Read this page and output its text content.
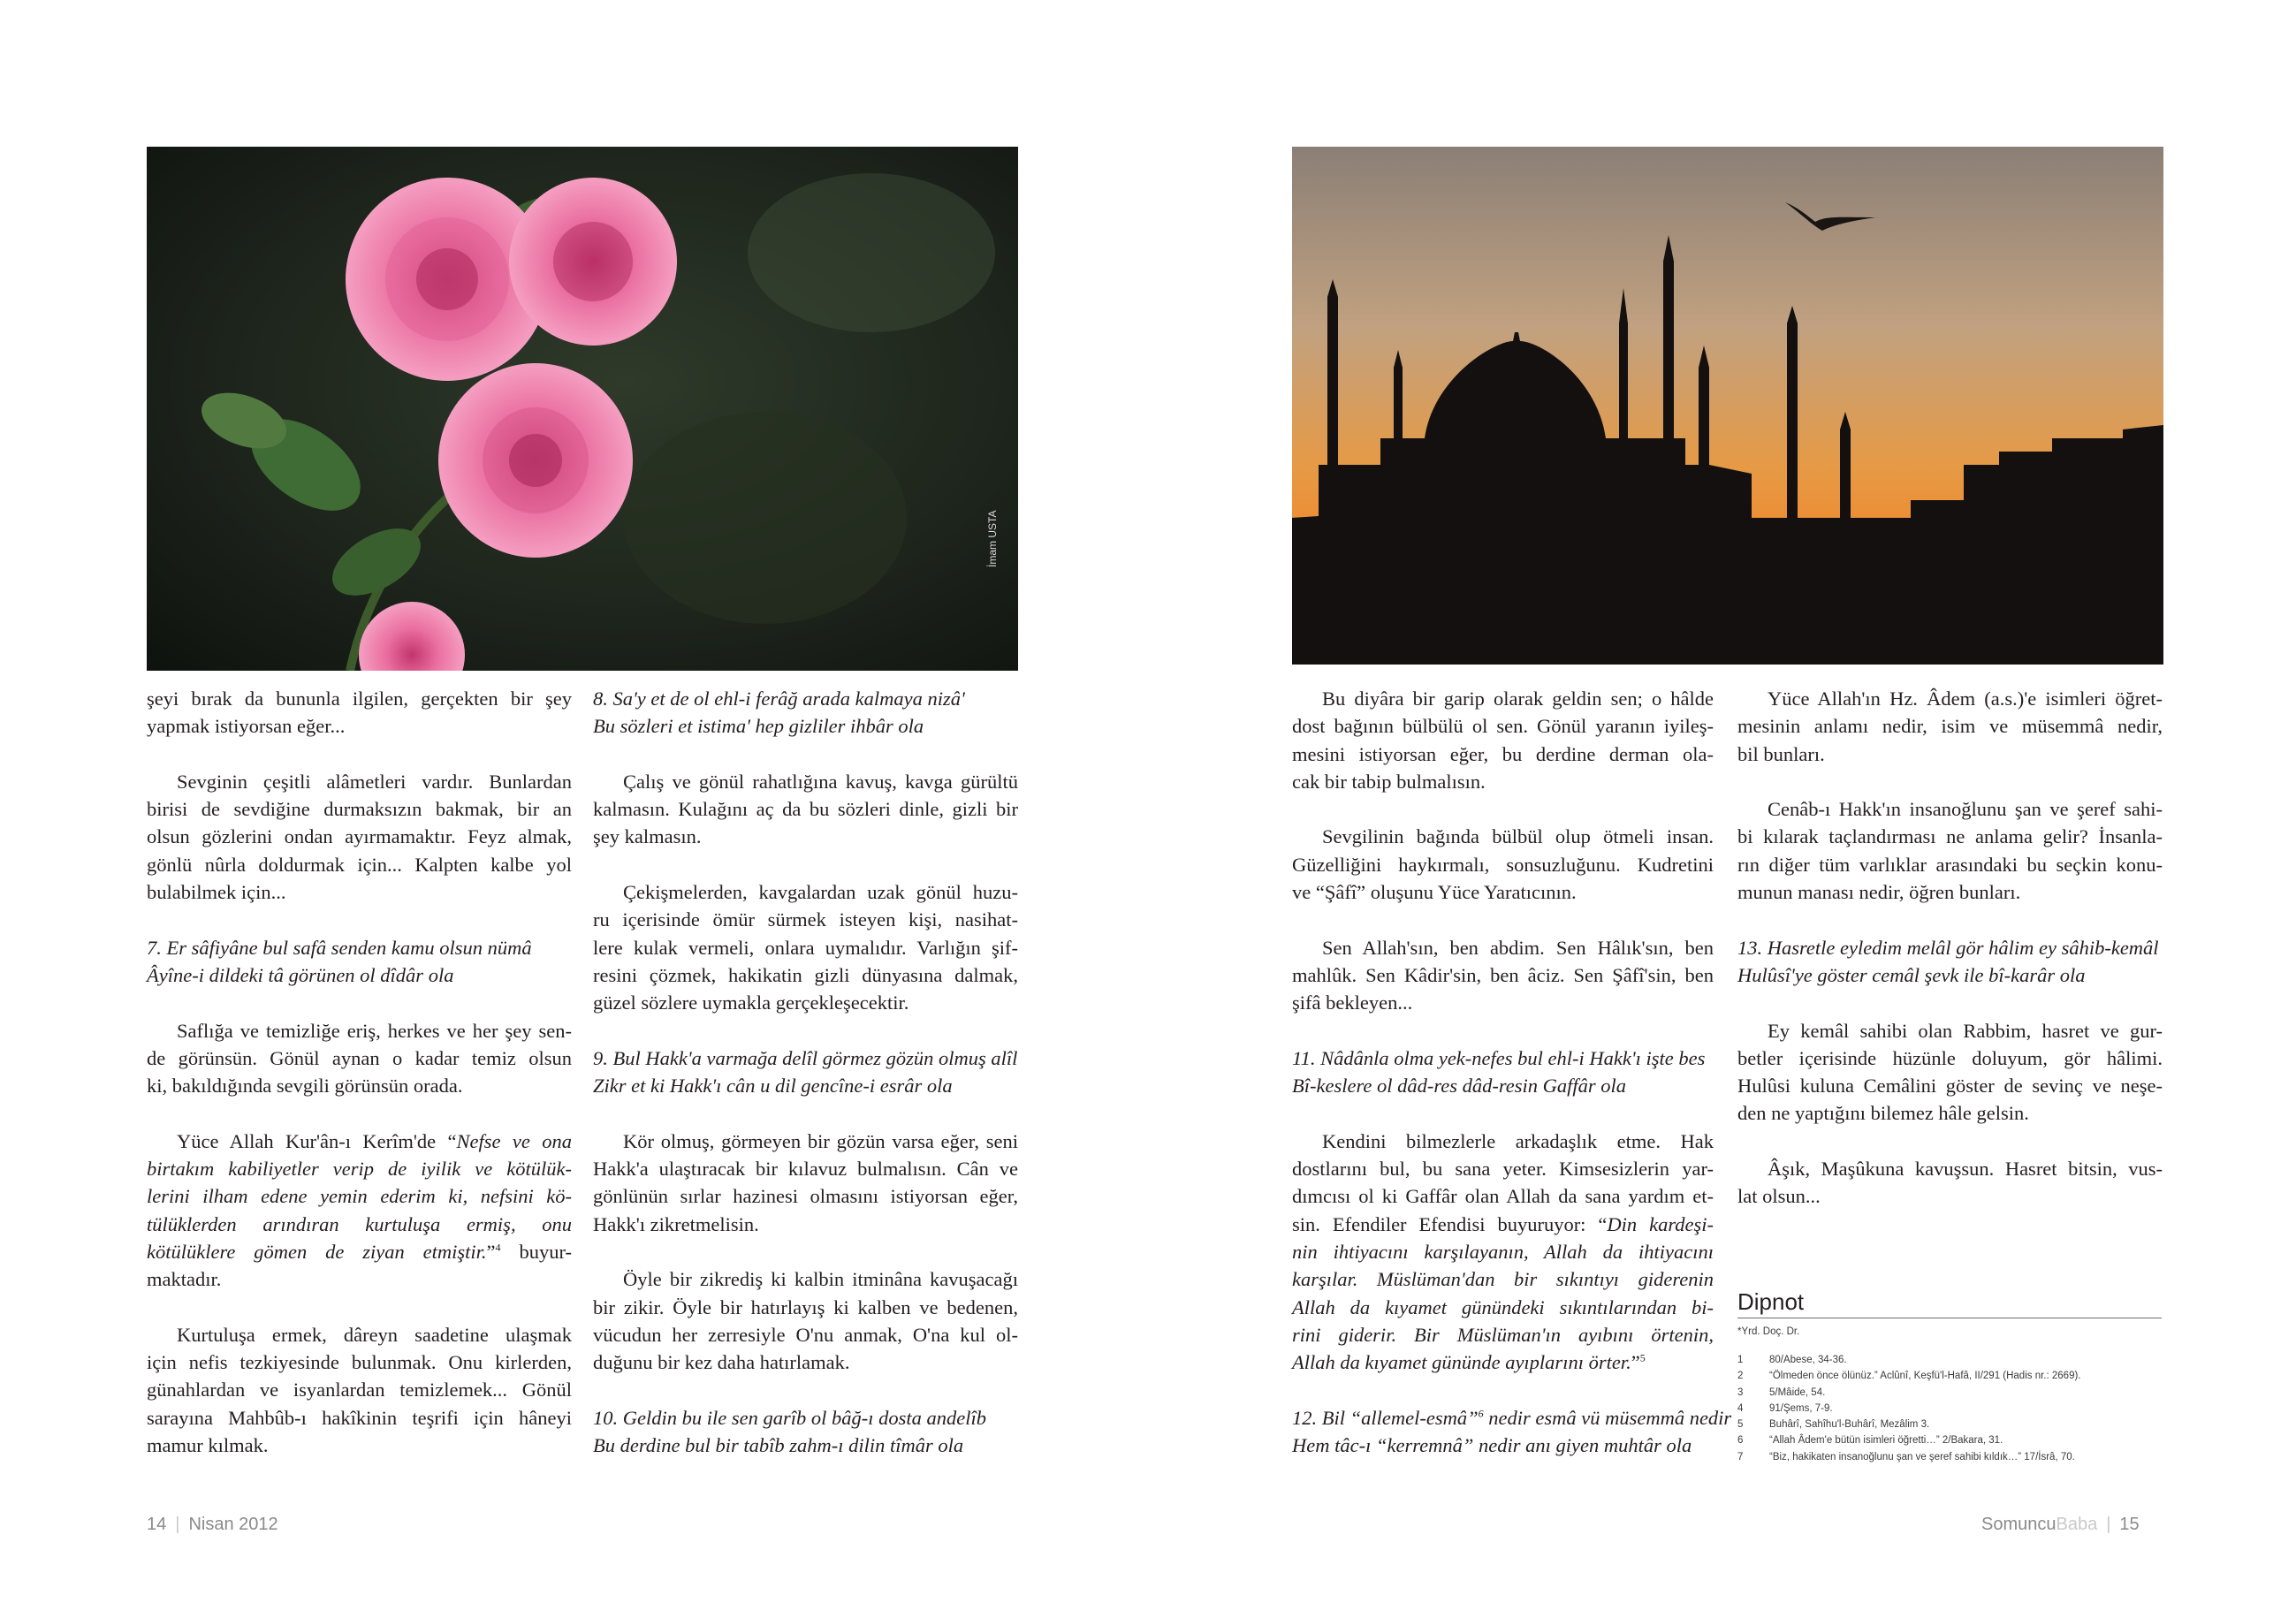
İmam USTA

şeyi bırak da bununla ilgilen, gerçekten bir şey
yapmak istiyorsan eğer...

Sevginin çeşitli alâmetleri vardır. Bunlardan
birisi de sevdiğine durmaksızın bakmak, bir an
olsun gözlerini ondan ayırmamaktır. Feyz almak,
gönlü nûrla doldurmak için... Kalpten kalbe yol
bulabilmek için...

7. Er sâfiyâne bul safâ senden kamu olsun nümâ
Âyîne-i dildeki tâ görünen ol dîdâr ola

Saflığa ve temizliğe eriş, herkes ve her şey sen-
de görünsün. Gönül aynan o kadar temiz olsun
ki, bakıldığında sevgili görünsün orada.

Yüce Allah Kur'ân-ı Kerîm'de “Nefse ve ona
birtakım kabiliyetler verip de iyilik ve kötülük-
lerini ilham edene yemin ederim ki, nefsini kö-
tülüklerden arındıran kurtuluşa ermiş, onu
kötülüklere gömen de ziyan etmiştir.”$^4$ buyur-
maktadır.

Kurtuluşa ermek, dâreyn saadetine ulaşmak
için nefis tezkiyesinde bulunmak. Onu kirlerden,
günahlardan ve isyanlardan temizlemek... Gönül
sarayına Mahbûb-ı hakîkinin teşrifi için hâneyi
mamur kılmak.

8. Sa'y et de ol ehl-i ferâğ arada kalmaya nizâ'
Bu sözleri et istima' hep gizliler ihbâr ola

Çalış ve gönül rahatlığına kavuş, kavga gürültü
kalmasın. Kulağını aç da bu sözleri dinle, gizli bir
şey kalmasın.

Çekişmelerden, kavgalardan uzak gönül huzu-
ru içerisinde ömür sürmek isteyen kişi, nasihat-
lere kulak vermeli, onlara uymalıdır. Varlığın şif-
resini çözmek, hakikatin gizli dünyasına dalmak,
güzel sözlere uymakla gerçekleşecektir.

9. Bul Hakk'a varmağa delîl görmez gözün olmuş alîl
Zikr et ki Hakk'ı cân u dil gencîne-i esrâr ola

Kör olmuş, görmeyen bir gözün varsa eğer, seni
Hakk'a ulaştıracak bir kılavuz bulmalısın. Cân ve
gönlünün sırlar hazinesi olmasını istiyorsan eğer,
Hakk'ı zikretmelisin.

Öyle bir zikrediş ki kalbin itminâna kavuşacağı
bir zikir. Öyle bir hatırlayış ki kalben ve bedenen,
vücudun her zerresiyle O'nu anmak, O'na kul ol-
duğunu bir kez daha hatırlamak.

10. Geldin bu ile sen garîb ol bâğ-ı dosta andelîb
Bu derdine bul bir tabîb zahm-ı dilin tîmâr ola

Bu diyâra bir garip olarak geldin sen; o hâlde
dost bağının bülbülü ol sen. Gönül yaranın iyileş-
mesini istiyorsan eğer, bu derdine derman ola-
cak bir tabip bulmalısın.

Sevgilinin bağında bülbül olup ötmeli insan.
Güzelliğini haykırmalı, sonsuzluğunu. Kudretini
ve “Şâfî” oluşunu Yüce Yaratıcının.

Sen Allah'sın, ben abdim. Sen Hâlık'sın, ben
mahlûk. Sen Kâdir'sin, ben âciz. Sen Şâfî'sin, ben
şifâ bekleyen...

11. Nâdânla olma yek-nefes bul ehl-i Hakk'ı işte bes
Bî-keslere ol dâd-res dâd-resin Gaffâr ola

Kendini bilmezlerle arkadaşlık etme. Hak
dostlarını bul, bu sana yeter. Kimsesizlerin yar-
dımcısı ol ki Gaffâr olan Allah da sana yardım et-
sin. Efendiler Efendisi buyuruyor: “Din kardeşi-
nin ihtiyacını karşılayanın, Allah da ihtiyacını
karşılar. Müslüman'dan bir sıkıntıyı giderenin
Allah da kıyamet günündeki sıkıntılarından bi-
rini giderir. Bir Müslüman'ın ayıbını örtenin,
Allah da kıyamet gününde ayıplarını örter.”$^5$

12. Bil “allemel-esmâ”$^6$ nedir esmâ vü müsemmâ nedir
Hem tâc-ı “kerremnâ” nedir anı giyen muhtâr ola

Yüce Allah'ın Hz. Âdem (a.s.)'e isimleri öğret-
mesinin anlamı nedir, isim ve müsemmâ nedir,
bil bunları.

Cenâb-ı Hakk'ın insanoğlunu şan ve şeref sahi-
bi kılarak taçlandırması ne anlama gelir? İnsanla-
rın diğer tüm varlıklar arasındaki bu seçkin konu-
munun manası nedir, öğren bunları.

13. Hasretle eyledim melâl gör hâlim ey sâhib-kemâl
Hulûsî'ye göster cemâl şevk ile bî-karâr ola

Ey kemâl sahibi olan Rabbim, hasret ve gur-
betler içerisinde hüzünle doluyum, gör hâlimi.
Hulûsi kuluna Cemâlini göster de sevinç ve neşe-
den ne yaptığını bilemez hâle gelsin.

Âşık, Maşûkuna kavuşsun. Hasret bitsin, vus-
lat olsun...

Dipnot
*Yrd. Doç. Dr.
1	80/Abese, 34-36.
2	“Ölmeden önce ölünüz.” Aclûnî, Keşfü'l-Hafâ, II/291 (Hadis nr.: 2669).
3	5/Mâide, 54.
4	91/Şems, 7-9.
5	Buhârî, Sahîhu'l-Buhârî, Mezâlim 3.
6	“Allah Âdem'e bütün isimleri öğretti…” 2/Bakara, 31.
7	“Biz, hakikaten insanoğlunu şan ve şeref sahibi kıldık…” 17/İsrâ, 70.
14 | Nisan 2012	SomuncuBaba | 15
